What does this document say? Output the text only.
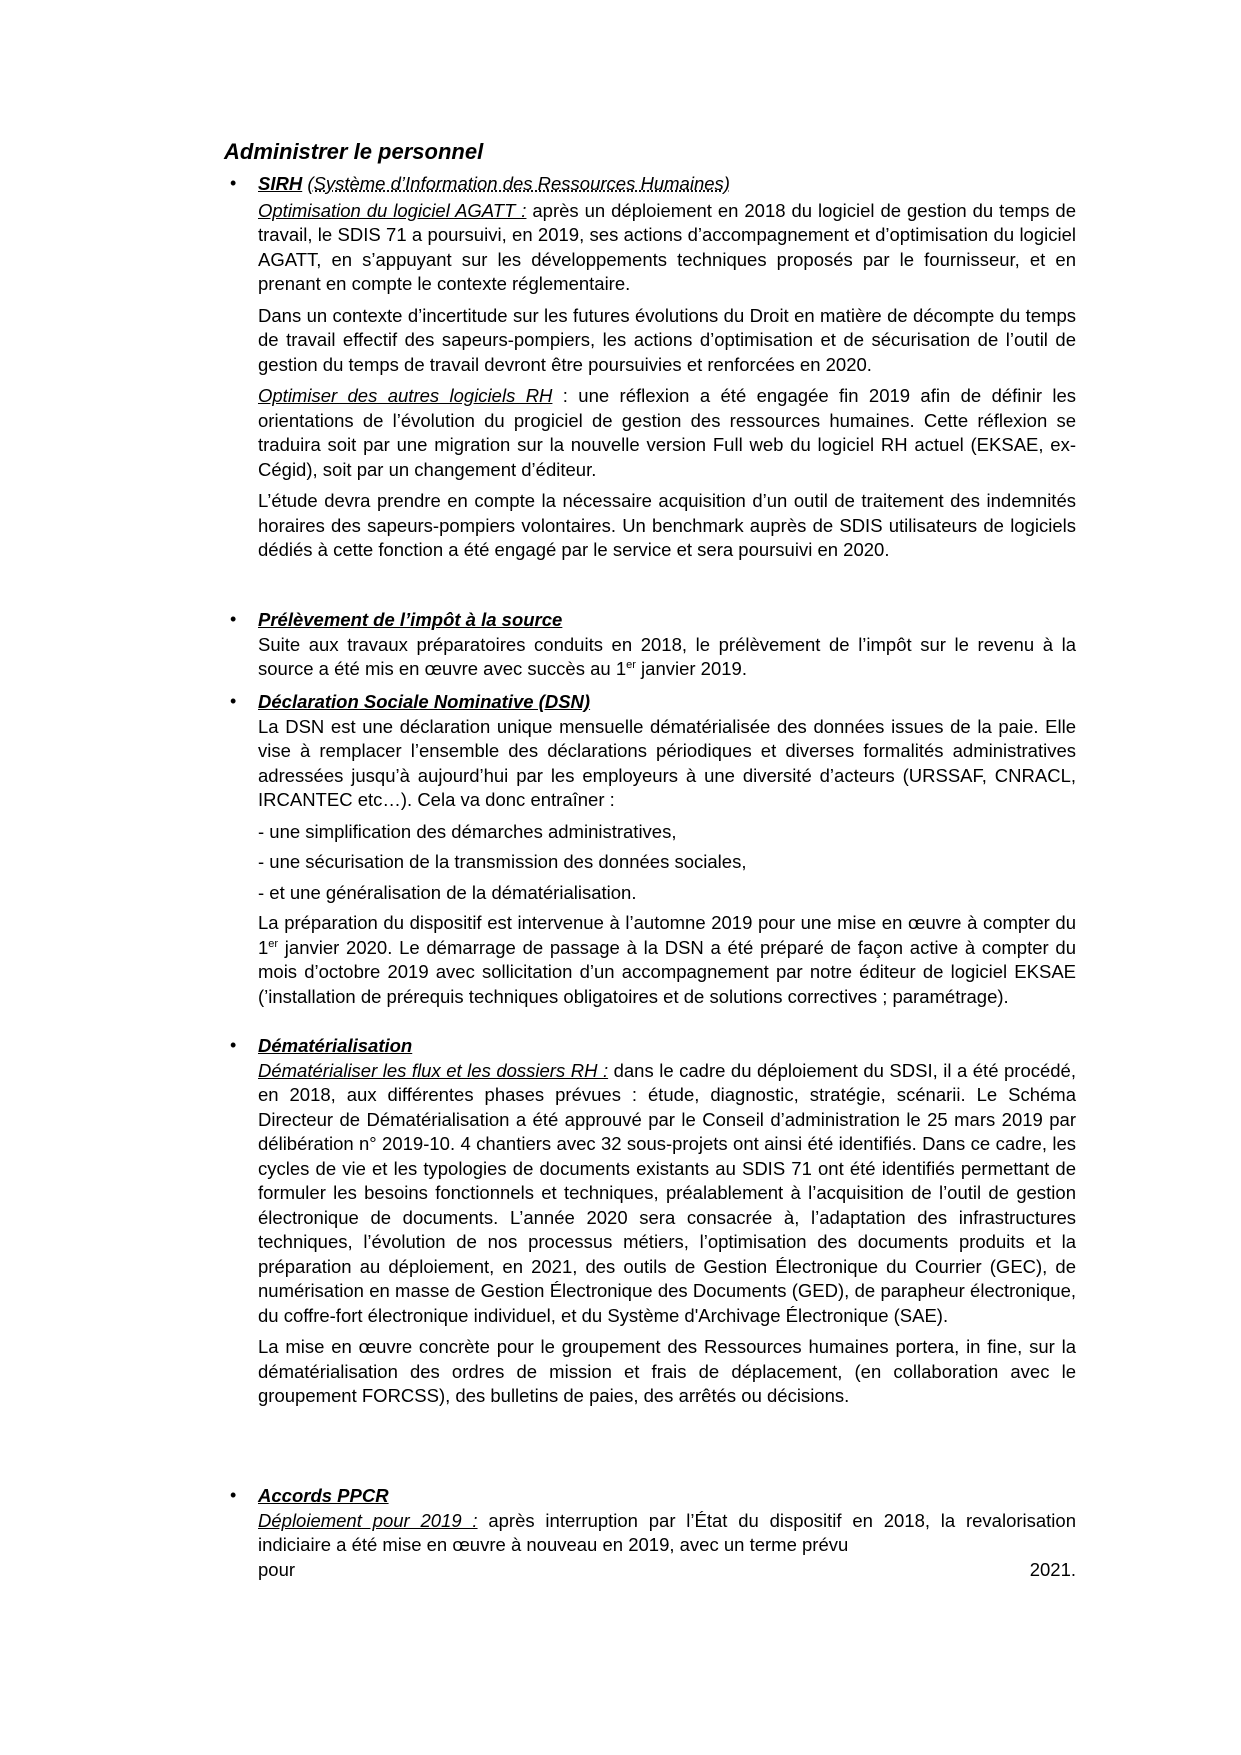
Administrer le personnel
• SIRH (Système d’Information des Ressources Humaines)

Optimisation du logiciel AGATT : après un déploiement en 2018 du logiciel de gestion du temps de travail, le SDIS 71 a poursuivi, en 2019, ses actions d’accompagnement et d’optimisation du logiciel AGATT, en s’appuyant sur les développements techniques proposés par le fournisseur, et en prenant en compte le contexte réglementaire.

Dans un contexte d’incertitude sur les futures évolutions du Droit en matière de décompte du temps de travail effectif des sapeurs-pompiers, les actions d’optimisation et de sécurisation de l’outil de gestion du temps de travail devront être poursuivies et renforcées en 2020.

Optimiser des autres logiciels RH : une réflexion a été engagée fin 2019 afin de définir les orientations de l’évolution du progiciel de gestion des ressources humaines. Cette réflexion se traduira soit par une migration sur la nouvelle version Full web du logiciel RH actuel (EKSAE, ex-Cégid), soit par un changement d’éditeur.

L’étude devra prendre en compte la nécessaire acquisition d’un outil de traitement des indemnités horaires des sapeurs-pompiers volontaires. Un benchmark auprès de SDIS utilisateurs de logiciels dédiés à cette fonction a été engagé par le service et sera poursuivi en 2020.

• Prélèvement de l’impôt à la source

Suite aux travaux préparatoires conduits en 2018, le prélèvement de l’impôt sur le revenu à la source a été mis en œuvre avec succès au 1er janvier 2019.

• Déclaration Sociale Nominative (DSN)

La DSN est une déclaration unique mensuelle dématérialisée des données issues de la paie. Elle vise à remplacer l’ensemble des déclarations périodiques et diverses formalités administratives adressées jusqu’à aujourd’hui par les employeurs à une diversité d’acteurs (URSSAF, CNRACL, IRCANTEC etc…). Cela va donc entraîner :

- une simplification des démarches administratives,

- une sécurisation de la transmission des données sociales,

- et une généralisation de la dématérialisation.

La préparation du dispositif est intervenue à l’automne 2019 pour une mise en œuvre à compter du 1er janvier 2020. Le démarrage de passage à la DSN a été préparé de façon active à compter du mois d’octobre 2019 avec sollicitation d’un accompagnement par notre éditeur de logiciel EKSAE (’installation de prérequis techniques obligatoires et de solutions correctives ; paramétrage).

• Dématérialisation

Dématérialiser les flux et les dossiers RH : dans le cadre du déploiement du SDSI, il a été procédé, en 2018, aux différentes phases prévues : étude, diagnostic, stratégie, scénarii. Le Schéma Directeur de Dématérialisation a été approuvé par le Conseil d’administration le 25 mars 2019 par délibération n° 2019-10. 4 chantiers avec 32 sous-projets ont ainsi été identifiés. Dans ce cadre, les cycles de vie et les typologies de documents existants au SDIS 71 ont été identifiés permettant de formuler les besoins fonctionnels et techniques, préalablement à l’acquisition de l’outil de gestion électronique de documents. L’année 2020 sera consacrée à, l’adaptation des infrastructures techniques, l’évolution de nos processus métiers, l’optimisation des documents produits et la préparation au déploiement, en 2021, des outils de Gestion Électronique du Courrier (GEC), de numérisation en masse de Gestion Électronique des Documents (GED), de parapheur électronique, du coffre-fort électronique individuel, et du Système d'Archivage Électronique (SAE).

La mise en œuvre concrète pour le groupement des Ressources humaines portera, in fine, sur la dématérialisation des ordres de mission et frais de déplacement, (en collaboration avec le groupement FORCSS), des bulletins de paies, des arrêtés ou décisions.

• Accords PPCR

Déploiement pour 2019 : après interruption par l’État du dispositif en 2018, la revalorisation indiciaire a été mise en œuvre à nouveau en 2019, avec un terme prévu

pour	2021.
